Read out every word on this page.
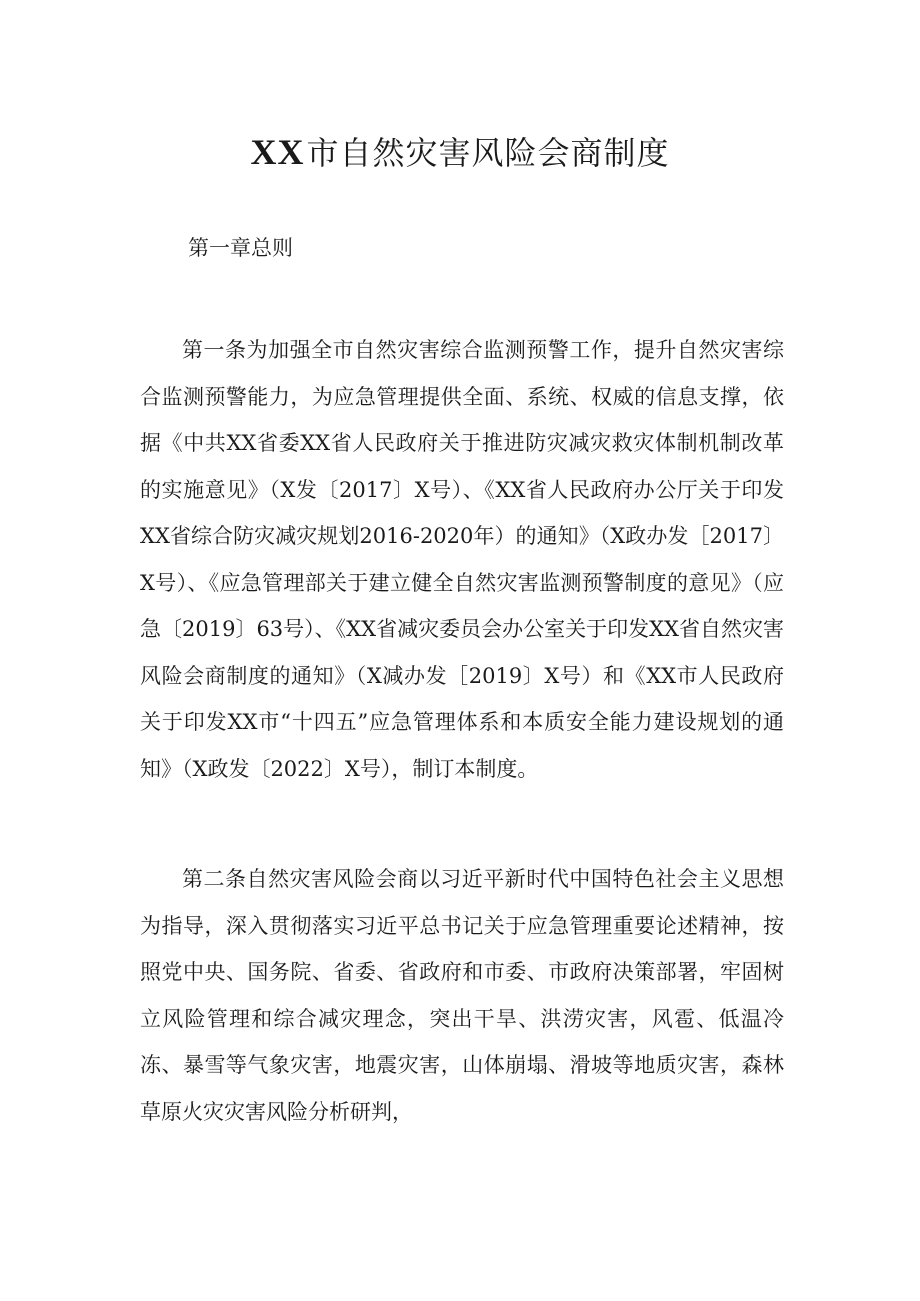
XX市自然灾害风险会商制度

第一章总则

第一条为加强全市自然灾害综合监测预警工作，提升自然灾害综合监测预警能力，为应急管理提供全面、系统、权威的信息支撑，依据《中共XX省委XX省人民政府关于推进防灾减灾救灾体制机制改革的实施意见》（X发〔2017〕X号）、《XX省人民政府办公厅关于印发XX省综合防灾减灾规划2016-2020年）的通知》（X政办发［2017〕X号）、《应急管理部关于建立健全自然灾害监测预警制度的意见》（应急〔2019〕63号）、《XX省减灾委员会办公室关于印发XX省自然灾害风险会商制度的通知》（X减办发［2019〕X号）和《XX市人民政府关于印发XX市“十四五”应急管理体系和本质安全能力建设规划的通知》（X政发〔2022〕X号），制订本制度。

第二条自然灾害风险会商以习近平新时代中国特色社会主义思想为指导，深入贯彻落实习近平总书记关于应急管理重要论述精神，按照党中央、国务院、省委、省政府和市委、市政府决策部署，牢固树立风险管理和综合减灾理念，突出干旱、洪涝灾害，风雹、低温冷冻、暴雪等气象灾害，地震灾害，山体崩塌、滑坡等地质灾害，森林草原火灾灾害风险分析研判，
